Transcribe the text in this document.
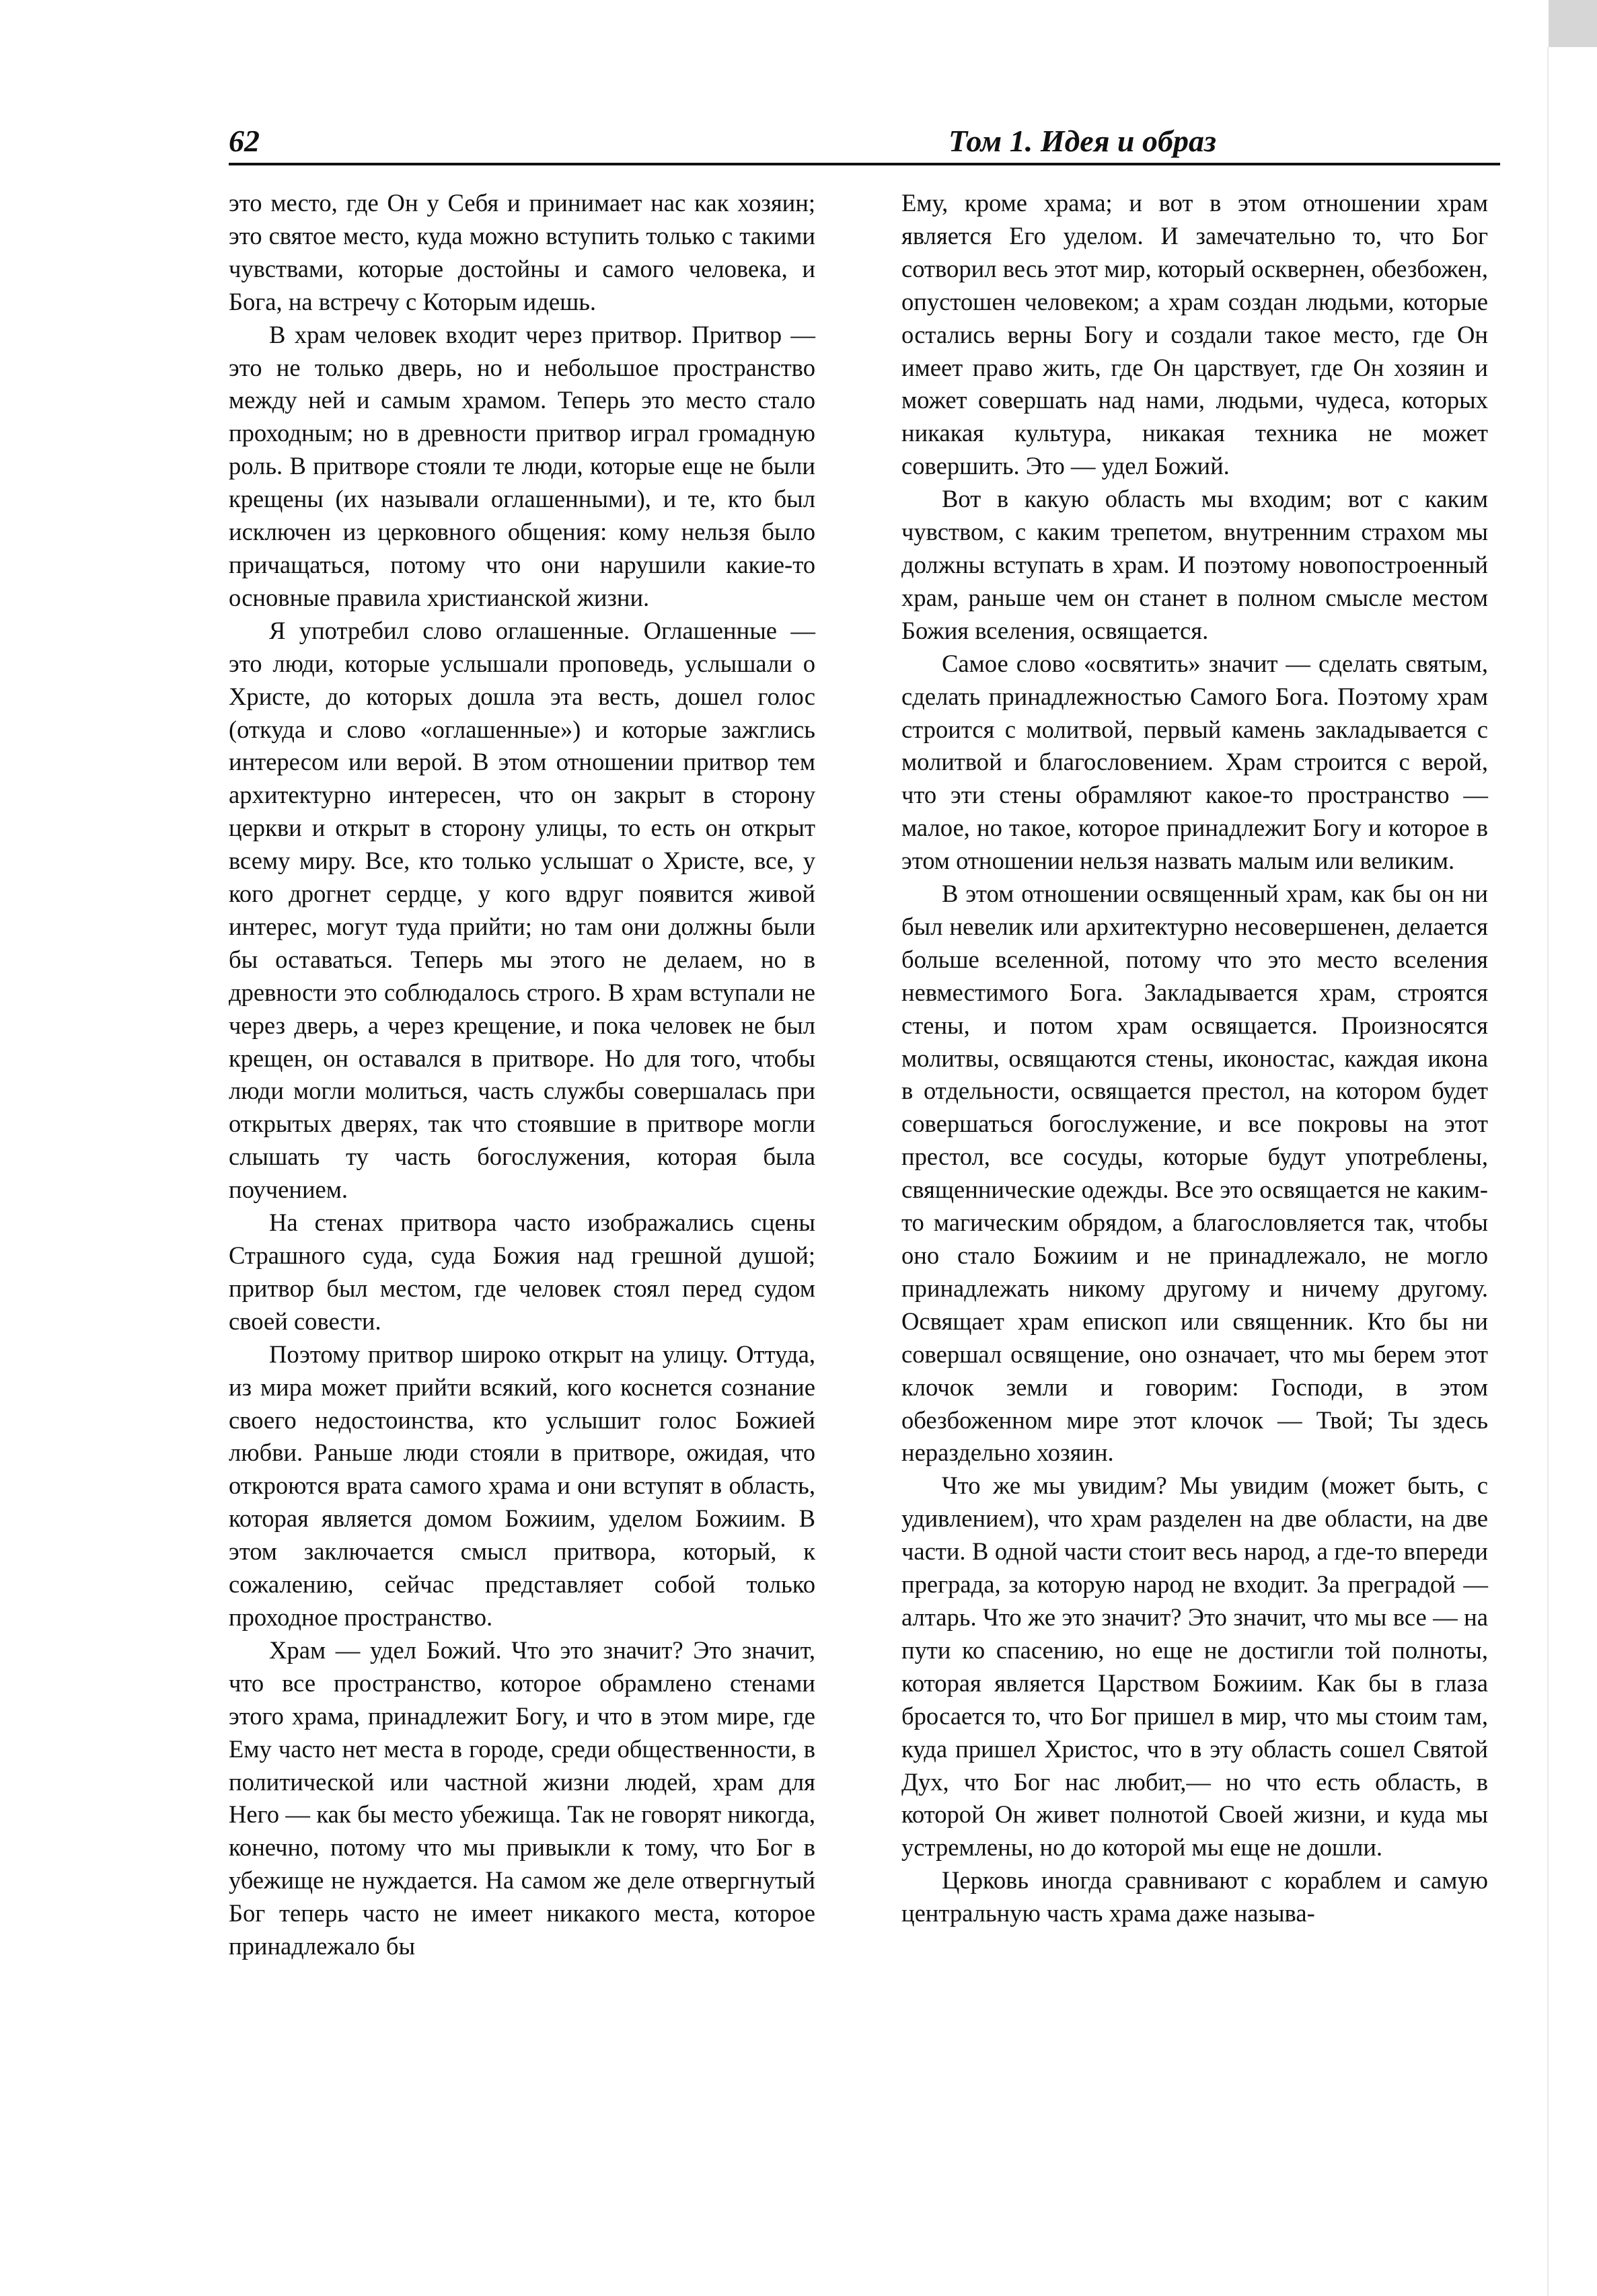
62	Том 1. Идея и образ

это место, где Он у Себя и принимает нас как хозяин; это святое место, куда можно вступить только с такими чувствами, которые достойны и самого человека, и Бога, на встречу с Которым идешь.

В храм человек входит через притвор. Притвор — это не только дверь, но и небольшое пространство между ней и самым храмом. Теперь это место стало проходным; но в древности притвор играл громадную роль. В притворе стояли те люди, которые еще не были крещены (их называли оглашенными), и те, кто был исключен из церковного общения: кому нельзя было причащаться, потому что они нарушили какие-то основные правила христианской жизни.

Я употребил слово оглашенные. Оглашенные — это люди, которые услышали проповедь, услышали о Христе, до которых дошла эта весть, дошел голос (откуда и слово «оглашенные») и которые зажглись интересом или верой. В этом отношении притвор тем архитектурно интересен, что он закрыт в сторону церкви и открыт в сторону улицы, то есть он открыт всему миру. Все, кто только услышат о Христе, все, у кого дрогнет сердце, у кого вдруг появится живой интерес, могут туда прийти; но там они должны были бы оставаться. Теперь мы этого не делаем, но в древности это соблюдалось строго. В храм вступали не через дверь, а через крещение, и пока человек не был крещен, он оставался в притворе. Но для того, чтобы люди могли молиться, часть службы совершалась при открытых дверях, так что стоявшие в притворе могли слышать ту часть богослужения, которая была поучением.

На стенах притвора часто изображались сцены Страшного суда, суда Божия над грешной душой; притвор был местом, где человек стоял перед судом своей совести.

Поэтому притвор широко открыт на улицу. Оттуда, из мира может прийти всякий, кого коснется сознание своего недостоинства, кто услышит голос Божией любви. Раньше люди стояли в притворе, ожидая, что откроются врата самого храма и они вступят в область, которая является домом Божиим, уделом Божиим. В этом заключается смысл притвора, который, к сожалению, сейчас представляет собой только проходное пространство.

Храм — удел Божий. Что это значит? Это значит, что все пространство, которое обрамлено стенами этого храма, принадлежит Богу, и что в этом мире, где Ему часто нет места в городе, среди общественности, в политической или частной жизни людей, храм для Него — как бы место убежища. Так не говорят никогда, конечно, потому что мы привыкли к тому, что Бог в убежище не нуждается. На самом же деле отвергнутый Бог теперь часто не имеет никакого места, которое принадлежало бы

Ему, кроме храма; и вот в этом отношении храм является Его уделом. И замечательно то, что Бог сотворил весь этот мир, который осквернен, обезбожен, опустошен человеком; а храм создан людьми, которые остались верны Богу и создали такое место, где Он имеет право жить, где Он царствует, где Он хозяин и может совершать над нами, людьми, чудеса, которых никакая культура, никакая техника не может совершить. Это — удел Божий.

Вот в какую область мы входим; вот с каким чувством, с каким трепетом, внутренним страхом мы должны вступать в храм. И поэтому новопостроенный храм, раньше чем он станет в полном смысле местом Божия вселения, освящается.

Самое слово «освятить» значит — сделать святым, сделать принадлежностью Самого Бога. Поэтому храм строится с молитвой, первый камень закладывается с молитвой и благословением. Храм строится с верой, что эти стены обрамляют какое-то пространство — малое, но такое, которое принадлежит Богу и которое в этом отношении нельзя назвать малым или великим.

В этом отношении освященный храм, как бы он ни был невелик или архитектурно несовершенен, делается больше вселенной, потому что это место вселения невместимого Бога. Закладывается храм, строятся стены, и потом храм освящается. Произносятся молитвы, освящаются стены, иконостас, каждая икона в отдельности, освящается престол, на котором будет совершаться богослужение, и все покровы на этот престол, все сосуды, которые будут употреблены, священнические одежды. Все это освящается не каким-то магическим обрядом, а благословляется так, чтобы оно стало Божиим и не принадлежало, не могло принадлежать никому другому и ничему другому. Освящает храм епископ или священник. Кто бы ни совершал освящение, оно означает, что мы берем этот клочок земли и говорим: Господи, в этом обезбоженном мире этот клочок — Твой; Ты здесь нераздельно хозяин.

Что же мы увидим? Мы увидим (может быть, с удивлением), что храм разделен на две области, на две части. В одной части стоит весь народ, а где-то впереди преграда, за которую народ не входит. За преградой — алтарь. Что же это значит? Это значит, что мы все — на пути ко спасению, но еще не достигли той полноты, которая является Царством Божиим. Как бы в глаза бросается то, что Бог пришел в мир, что мы стоим там, куда пришел Христос, что в эту область сошел Святой Дух, что Бог нас любит,— но что есть область, в которой Он живет полнотой Своей жизни, и куда мы устремлены, но до которой мы еще не дошли.

Церковь иногда сравнивают с кораблем и самую центральную часть храма даже называ-
